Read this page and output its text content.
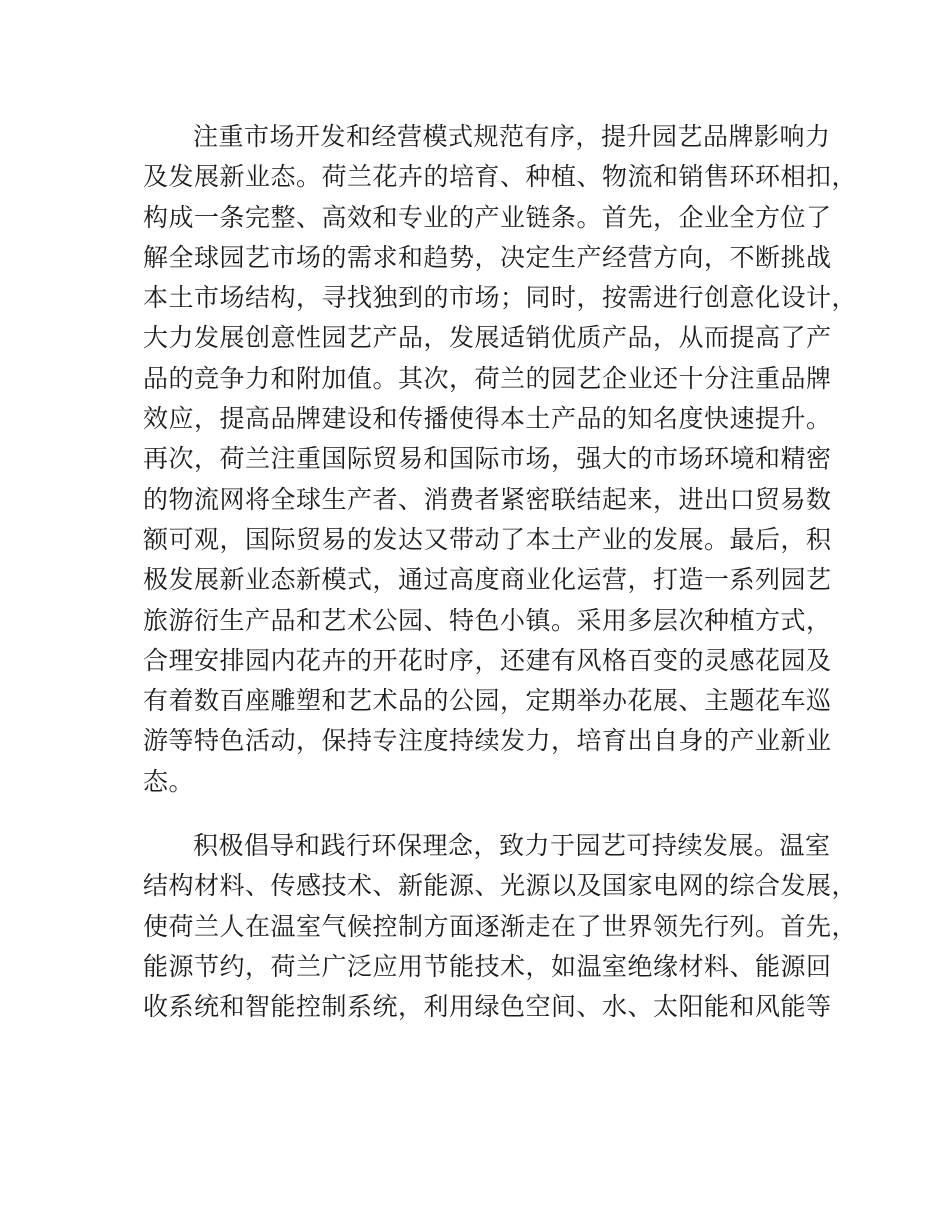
注重市场开发和经营模式规范有序，提升园艺品牌影响力
及发展新业态。荷兰花卉的培育、种植、物流和销售环环相扣，
构成一条完整、高效和专业的产业链条。首先，企业全方位了
解全球园艺市场的需求和趋势，决定生产经营方向，不断挑战
本土市场结构，寻找独到的市场；同时，按需进行创意化设计，
大力发展创意性园艺产品，发展适销优质产品，从而提高了产
品的竞争力和附加值。其次，荷兰的园艺企业还十分注重品牌
效应，提高品牌建设和传播使得本土产品的知名度快速提升。
再次，荷兰注重国际贸易和国际市场，强大的市场环境和精密
的物流网将全球生产者、消费者紧密联结起来，进出口贸易数
额可观，国际贸易的发达又带动了本土产业的发展。最后，积
极发展新业态新模式，通过高度商业化运营，打造一系列园艺
旅游衍生产品和艺术公园、特色小镇。采用多层次种植方式，
合理安排园内花卉的开花时序，还建有风格百变的灵感花园及
有着数百座雕塑和艺术品的公园，定期举办花展、主题花车巡
游等特色活动，保持专注度持续发力，培育出自身的产业新业
态。

积极倡导和践行环保理念，致力于园艺可持续发展。温室
结构材料、传感技术、新能源、光源以及国家电网的综合发展，
使荷兰人在温室气候控制方面逐渐走在了世界领先行列。首先，
能源节约，荷兰广泛应用节能技术，如温室绝缘材料、能源回
收系统和智能控制系统，利用绿色空间、水、太阳能和风能等
